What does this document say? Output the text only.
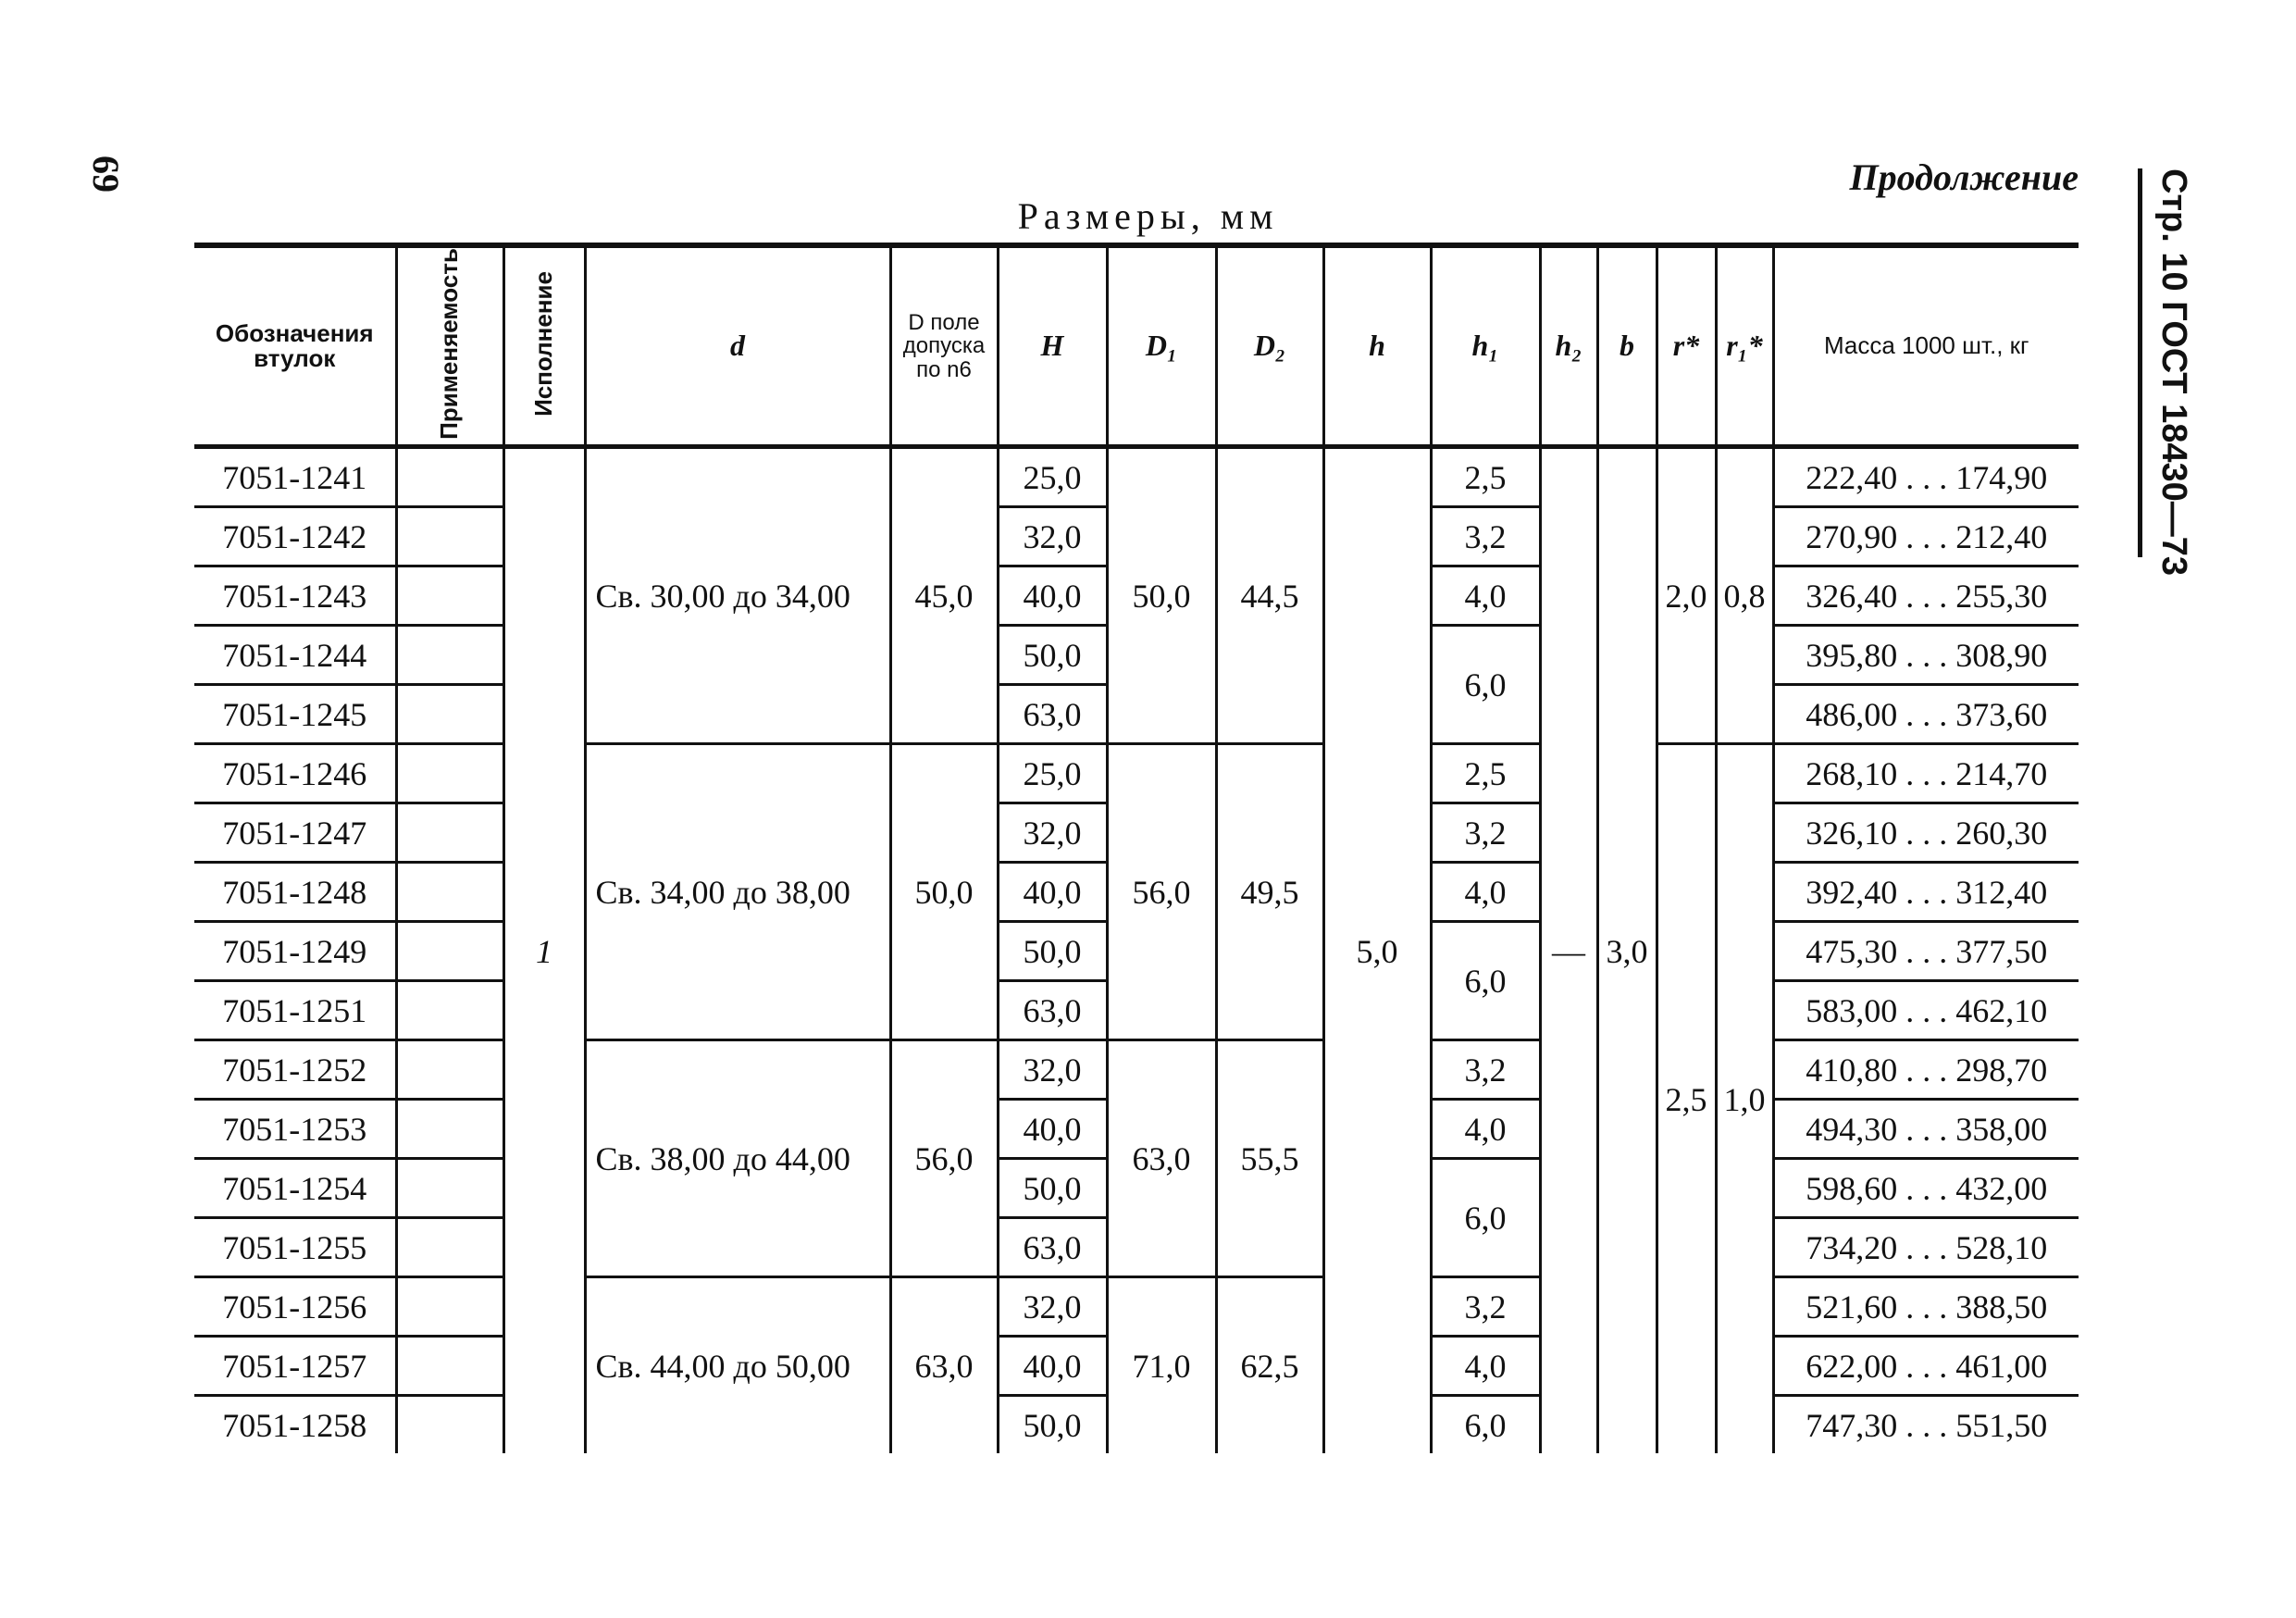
69	Продолжение Стр. 10 ГОСТ 18430—73
Размеры, мм
Обозначения втулок	Применяемость	Исполнение	d	D поле допуска по n6	H	D₁	D₂	h	h₁	h₂	b	r*	r₁*	Масса 1000 шт., кг
7051-1241		1	Св. 30,00 до 34,00	45,0	25,0	50,0	44,5	5,0	2,5	—	3,0	2,0	0,8	222,40 . . . 174,90
7051-1242					32,0				3,2					270,90 . . . 212,40
7051-1243					40,0				4,0					326,40 . . . 255,30
7051-1244					50,0				6,0					395,80 . . . 308,90
7051-1245					63,0									486,00 . . . 373,60
7051-1246			Св. 34,00 до 38,00	50,0	25,0	56,0	49,5		2,5			2,5	1,0	268,10 . . . 214,70
7051-1247					32,0				3,2					326,10 . . . 260,30
7051-1248					40,0				4,0					392,40 . . . 312,40
7051-1249					50,0				6,0					475,30 . . . 377,50
7051-1251					63,0									583,00 . . . 462,10
7051-1252			Св. 38,00 до 44,00	56,0	32,0	63,0	55,5		3,2					410,80 . . . 298,70
7051-1253					40,0				4,0					494,30 . . . 358,00
7051-1254					50,0				6,0					598,60 . . . 432,00
7051-1255					63,0									734,20 . . . 528,10
7051-1256			Св. 44,00 до 50,00	63,0	32,0	71,0	62,5		3,2					521,60 . . . 388,50
7051-1257					40,0				4,0					622,00 . . . 461,00
7051-1258					50,0				6,0					747,30 . . . 551,50
